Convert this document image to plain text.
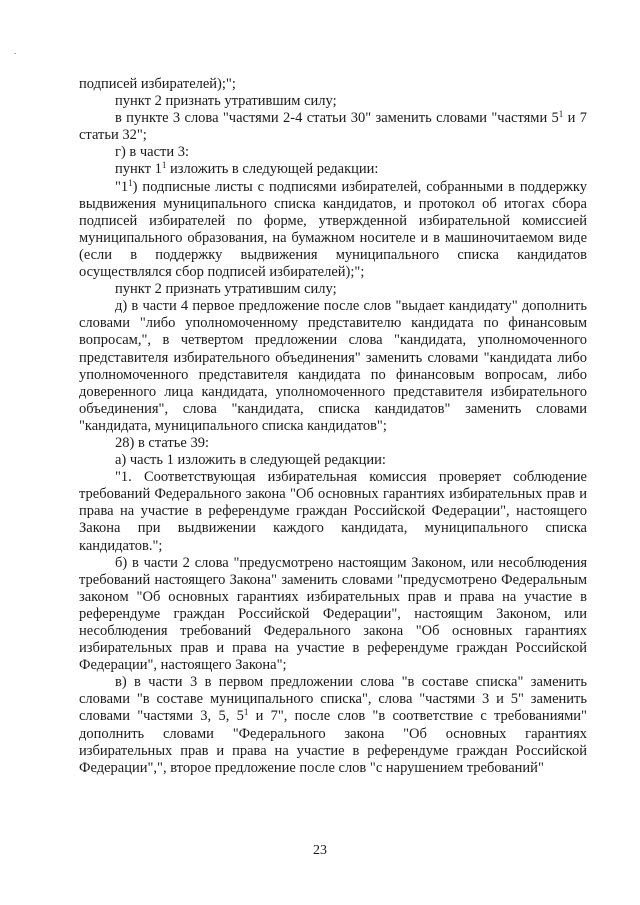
.

подписей избирателей);";

пункт 2 признать утратившим силу;

в пункте 3 слова "частями 2-4 статьи 30" заменить словами "частями $5^1$ и 7 статьи 32";

г) в части 3:

пункт $1^1$ изложить в следующей редакции:

"$1^1$) подписные листы с подписями избирателей, собранными в поддержку выдвижения муниципального списка кандидатов, и протокол об итогах сбора подписей избирателей по форме, утвержденной избирательной комиссией муниципального образования, на бумажном носителе и в машиночитаемом виде (если в поддержку выдвижения муниципального списка кандидатов осуществлялся сбор подписей избирателей);";

пункт 2 признать утратившим силу;

д) в части 4 первое предложение после слов "выдает кандидату" дополнить словами "либо уполномоченному представителю кандидата по финансовым вопросам,", в четвертом предложении слова "кандидата, уполномоченного представителя избирательного объединения" заменить словами "кандидата либо уполномоченного представителя кандидата по финансовым вопросам, либо доверенного лица кандидата, уполномоченного представителя избирательного объединения", слова "кандидата, списка кандидатов" заменить словами "кандидата, муниципального списка кандидатов";

28) в статье 39:

а) часть 1 изложить в следующей редакции:

"1. Соответствующая избирательная комиссия проверяет соблюдение требований Федерального закона "Об основных гарантиях избирательных прав и права на участие в референдуме граждан Российской Федерации", настоящего Закона при выдвижении каждого кандидата, муниципального списка кандидатов.";

б) в части 2 слова "предусмотрено настоящим Законом, или несоблюдения требований настоящего Закона" заменить словами "предусмотрено Федеральным законом "Об основных гарантиях избирательных прав и права на участие в референдуме граждан Российской Федерации", настоящим Законом, или несоблюдения требований Федерального закона "Об основных гарантиях избирательных прав и права на участие в референдуме граждан Российской Федерации", настоящего Закона";

в) в части 3 в первом предложении слова "в составе списка" заменить словами "в составе муниципального списка", слова "частями 3 и 5" заменить словами "частями 3, 5, $5^1$ и 7", после слов "в соответствие с требованиями" дополнить словами "Федерального закона "Об основных гарантиях избирательных прав и права на участие в референдуме граждан Российской Федерации",", второе предложение после слов "с нарушением требований"

23
